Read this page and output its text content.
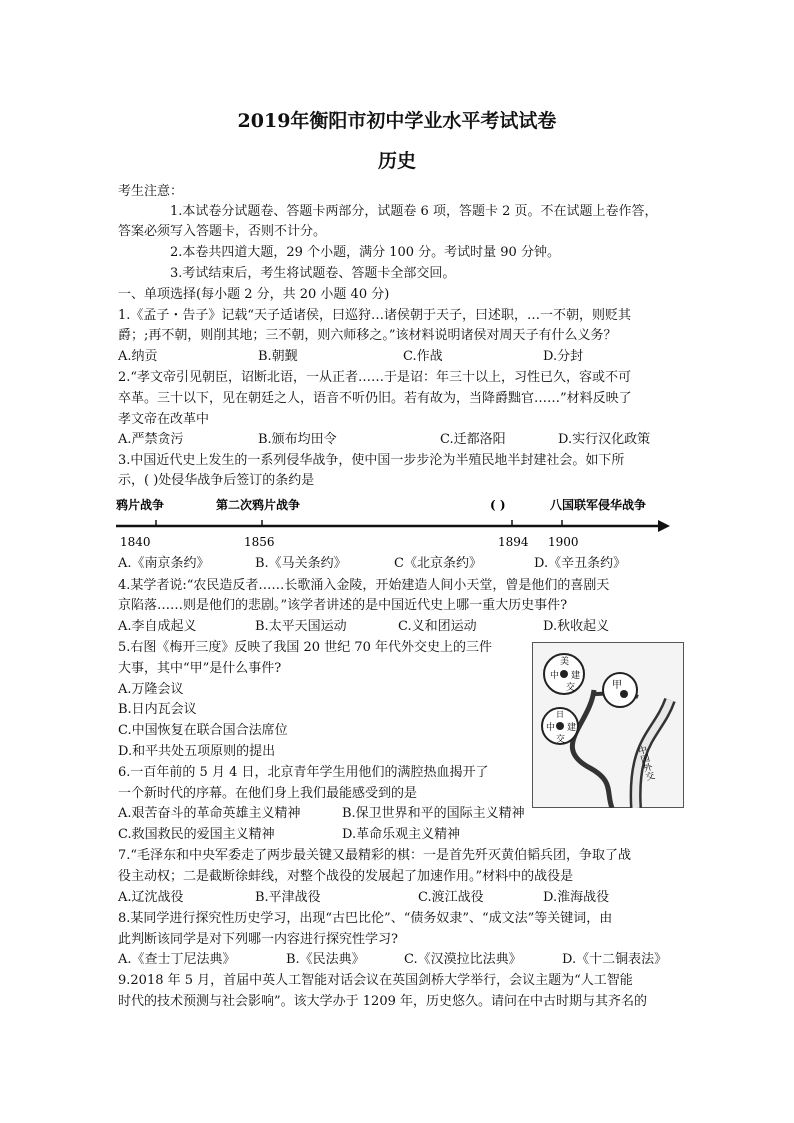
2019年衡阳市初中学业水平考试试卷
历史
考生注意：
1.本试卷分试题卷、答题卡两部分，试题卷 6 项，答题卡 2 页。不在试题上卷作答，
答案必须写入答题卡，否则不计分。
2.本卷共四道大题，29 个小题，满分 100 分。考试时量 90 分钟。
3.考试结束后，考生将试题卷、答题卡全部交回。
一、单项选择(每小题 2 分，共 20 小题 40 分)
1.《孟子・告子》记载“天子适诸侯，曰巡狩…诸侯朝于天子，曰述职，…一不朝，则贬其
爵；;再不朝，则削其地；三不朝，则六师移之。”该材料说明诸侯对周天子有什么义务？
A.纳贡	B.朝觐	C.作战	D.分封
2.“孝文帝引见朝臣，诏断北语，一从正者……于是诏：年三十以上，习性已久，容或不可
卒革。三十以下，见在朝廷之人，语音不听仍旧。若有故为，当降爵黜官……”材料反映了
孝文帝在改革中
A.严禁贪污	B.颁布均田令	C.迁都洛阳	D.实行汉化政策
3.中国近代史上发生的一系列侵华战争，使中国一步步沦为半殖民地半封建社会。如下所
示，( )处侵华战争后签订的条约是
鸦片战争	第二次鸦片战争	( )	八国联军侵华战争
1840	1856	1894 1900
A.《南京条约》	B.《马关条约》	C《北京条约》	D.《辛丑条约》
4.某学者说:“农民造反者……长歌涌入金陵，开始建造人间小天堂，曾是他们的喜剧天
京陷落……则是他们的悲剧。”该学者讲述的是中国近代史上哪一重大历史事件?
A.李自成起义	B.太平天国运动	C.义和团运动	D.秋收起义
5.右图《梅开三度》反映了我国 20 世纪 70 年代外交史上的三件
大事，其中“甲”是什么事件?
A.万隆会议
B.日内瓦会议
C.中国恢复在联合国合法席位
D.和平共处五项原则的提出
中
美
建
交	甲
中
日
建
交
中国外交
6.一百年前的 5 月 4 日，北京青年学生用他们的满腔热血揭开了
一个新时代的序幕。在他们身上我们最能感受到的是
A.艰苦奋斗的革命英雄主义精神	B.保卫世界和平的国际主义精神
C.救国救民的爱国主义精神	D.革命乐观主义精神
7.“毛泽东和中央军委走了两步最关键又最精彩的棋：一是首先歼灭黄伯韬兵团，争取了战
役主动权；二是截断徐蚌线，对整个战役的发展起了加速作用。”材料中的战役是
A.辽沈战役	B.平津战役	C.渡江战役	D.淮海战役
8.某同学进行探究性历史学习，出现“古巴比伦”、“债务奴隶”、“成文法”等关键词，由
此判断该同学是对下列哪一内容进行探究性学习?
A.《查士丁尼法典》	B.《民法典》	C.《汉漠拉比法典》	D.《十二铜表法》
9.2018 年 5 月，首届中英人工智能对话会议在英国剑桥大学举行，会议主题为“人工智能
时代的技术预测与社会影响”。该大学办于 1209 年，历史悠久。请问在中古时期与其齐名的
